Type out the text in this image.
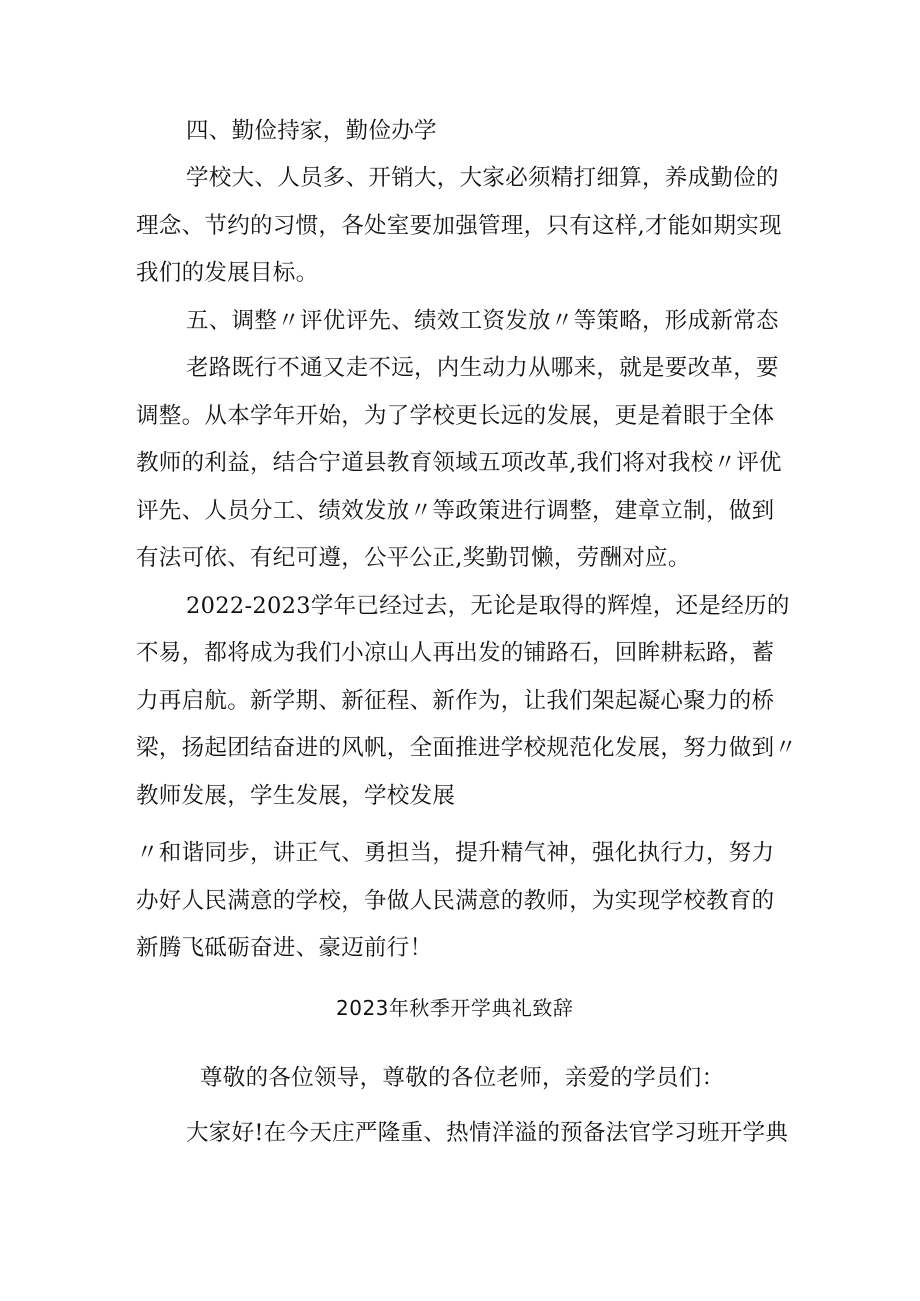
四、勤俭持家，勤俭办学
学校大、人员多、开销大，大家必须精打细算，养成勤俭的
理念、节约的习惯，各处室要加强管理，只有这样,才能如期实现
我们的发展目标。
五、调整〃评优评先、绩效工资发放〃等策略，形成新常态
老路既行不通又走不远，内生动力从哪来，就是要改革，要
调整。从本学年开始，为了学校更长远的发展，更是着眼于全体
教师的利益，结合宁道县教育领域五项改革,我们将对我校〃评优
评先、人员分工、绩效发放〃等政策进行调整，建章立制，做到
有法可依、有纪可遵，公平公正,奖勤罚懒，劳酬对应。
2022-2023学年已经过去，无论是取得的辉煌，还是经历的
不易，都将成为我们小凉山人再出发的铺路石，回眸耕耘路，蓄
力再启航。新学期、新征程、新作为，让我们架起凝心聚力的桥
梁，扬起团结奋进的风帆，全面推进学校规范化发展，努力做到〃
教师发展，学生发展，学校发展
〃和谐同步，讲正气、勇担当，提升精气神，强化执行力，努力
办好人民满意的学校，争做人民满意的教师，为实现学校教育的
新腾飞砥砺奋进、豪迈前行！
2023年秋季开学典礼致辞
尊敬的各位领导，尊敬的各位老师，亲爱的学员们：
大家好!在今天庄严隆重、热情洋溢的预备法官学习班开学典
